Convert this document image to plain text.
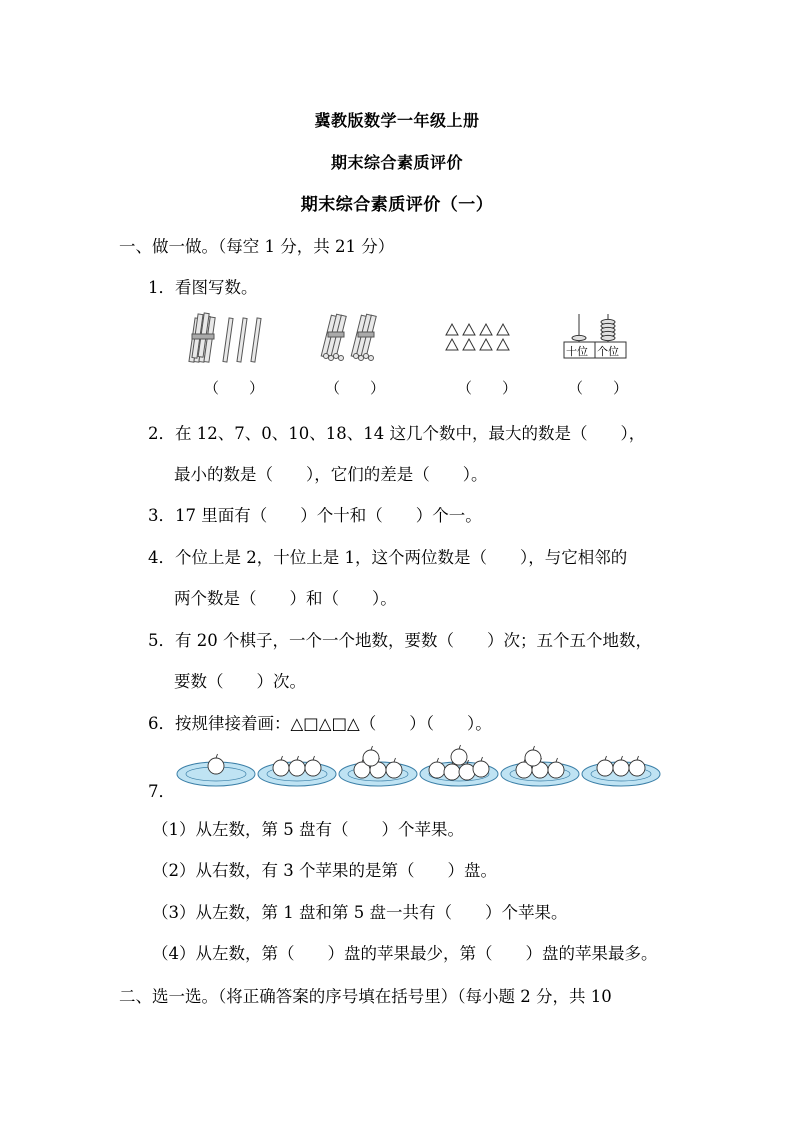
冀教版数学一年级上册
期末综合素质评价
期末综合素质评价（一）
一、做一做。（每空 1 分，共 21 分）
1．看图写数。
十位 个位
（　　）	（　　）	（　　）	（　　）
2．在 12、7、0、10、18、14 这几个数中，最大的数是（　　），
最小的数是（　　），它们的差是（　　）。
3．17 里面有（　　）个十和（　　）个一。
4．个位上是 2，十位上是 1，这个两位数是（　　），与它相邻的
两个数是（　　）和（　　）。
5．有 20 个棋子，一个一个地数，要数（　　）次；五个五个地数，
要数（　　）次。
6．按规律接着画：△□△□△（　　）（　　）。
7．
（1）从左数，第 5 盘有（　　）个苹果。
（2）从右数，有 3 个苹果的是第（　　）盘。
（3）从左数，第 1 盘和第 5 盘一共有（　　）个苹果。
（4）从左数，第（　　）盘的苹果最少，第（　　）盘的苹果最多。
二、选一选。（将正确答案的序号填在括号里）（每小题 2 分，共 10
